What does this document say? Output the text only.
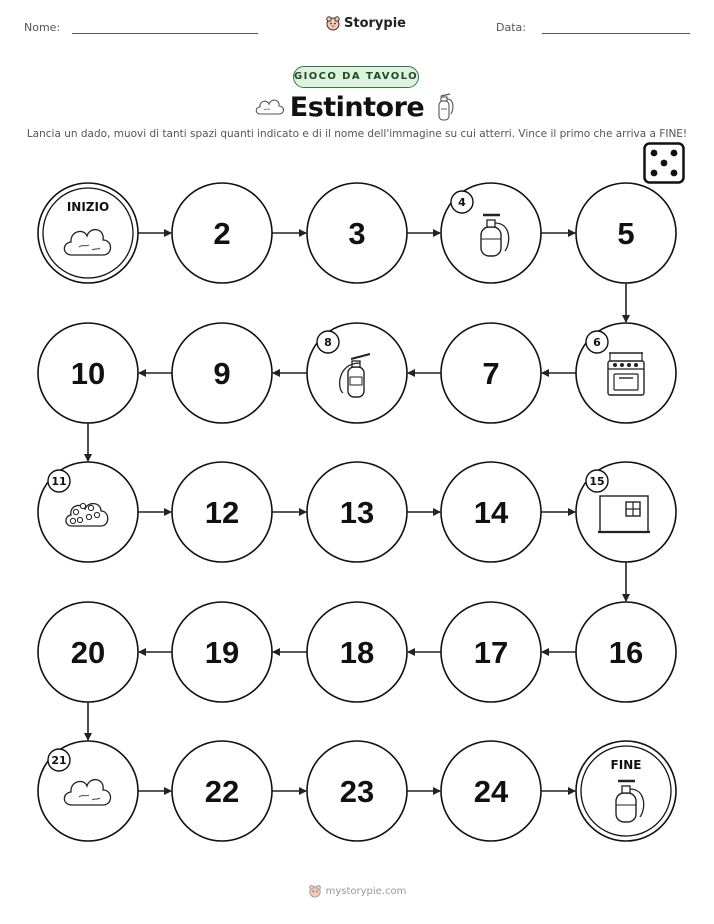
Nome:	Storypie	Data:
GIOCO DA TAVOLO
Estintore
Lancia un dado, muovi di tanti spazi quanti indicato e di il nome dell'immagine su cui atterri. Vince il primo che arriva a FINE!
INIZIO
2	3
4
5
6
7
8
9
10
11
12	13	14
15
16
17
18
19
20
21
22	23	24
FINE
mystorypie.com
